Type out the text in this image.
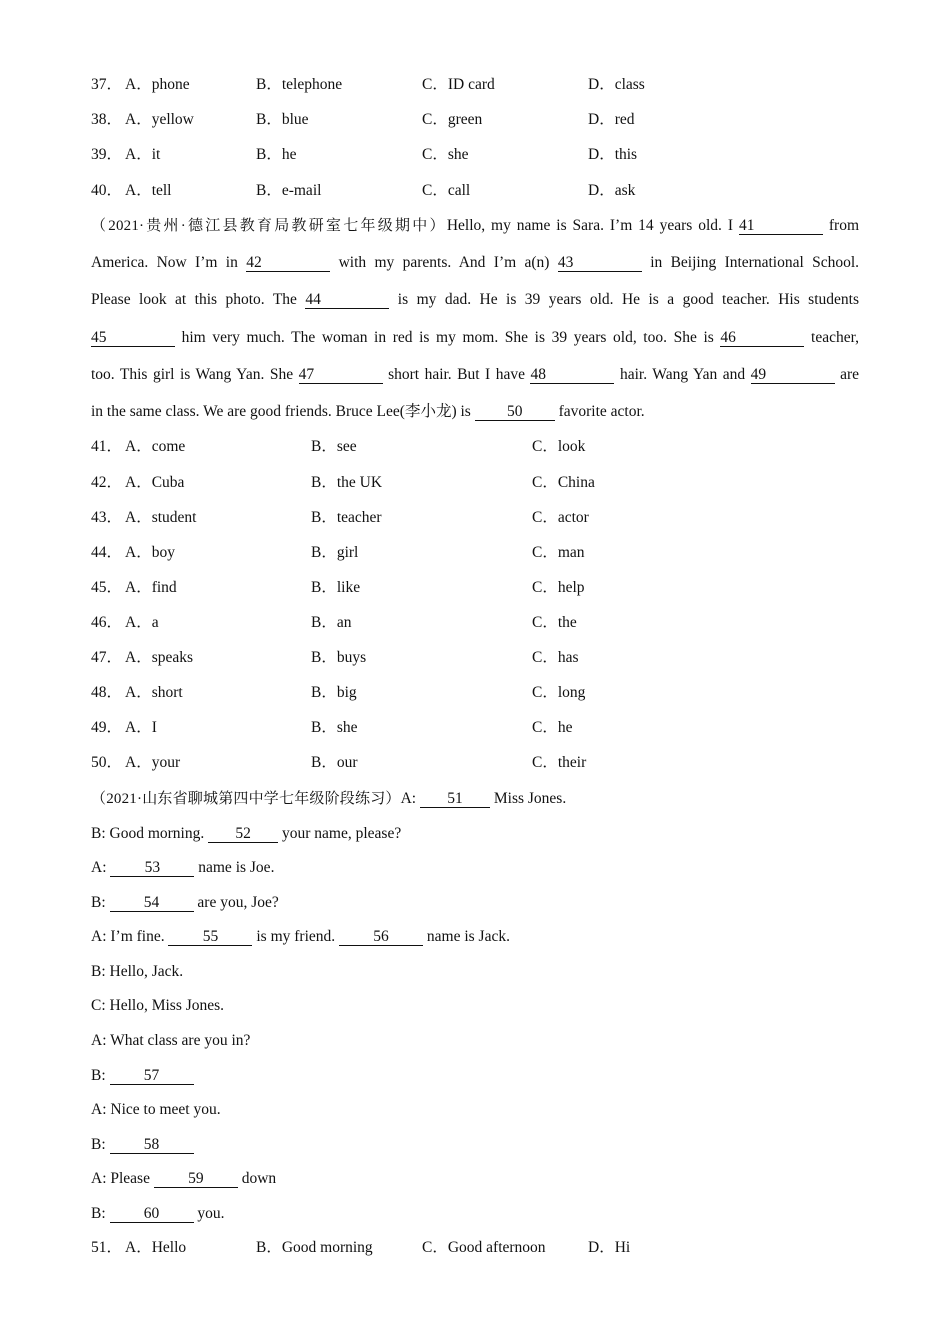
37． A．phone	B．telephone	C．ID card	D．class
38． A．yellow	B．blue	C．green	D．red
39． A．it	B．he	C．she	D．this
40． A．tell	B．e-mail	C．call	D．ask
（2021·贵州·德江县教育局教研室七年级期中）Hello, my name is Sara. I’m 14 years old. I 41	from
America. Now I’m in 42	with my parents. And I’m a(n) 43	in Beijing International School.
Please look at this photo. The 44	is my dad. He is 39 years old. He is a good teacher. His students
45	him very much. The woman in red is my mom. She is 39 years old, too. She is 46	teacher,
too. This girl is Wang Yan. She 47	short hair. But I have 48	hair. Wang Yan and 49	are
in the same class. We are good friends. Bruce Lee(李小龙) is 50 favorite actor.
41． A．come	B．see	C．look
42． A．Cuba	B．the UK	C．China
43． A．student	B．teacher	C．actor
44． A．boy	B．girl	C．man
45． A．find	B．like	C．help
46． A．a	B．an	C．the
47． A．speaks	B．buys	C．has
48． A．short	B．big	C．long
49． A．I	B．she	C．he
50． A．your	B．our	C．their
（2021·山东省聊城第四中学七年级阶段练习）A: 51 Miss Jones.
B: Good morning. 52 your name, please?
A: 53 name is Joe.
B: 54 are you, Joe?
A: I’m fine. 55 is my friend. 56 name is Jack.
B: Hello, Jack.
C: Hello, Miss Jones.
A: What class are you in?
B: 57
A: Nice to meet you.
B: 58
A: Please 59 down
B: 60 you.
51． A．Hello	B．Good morning	C．Good afternoon	D．Hi
